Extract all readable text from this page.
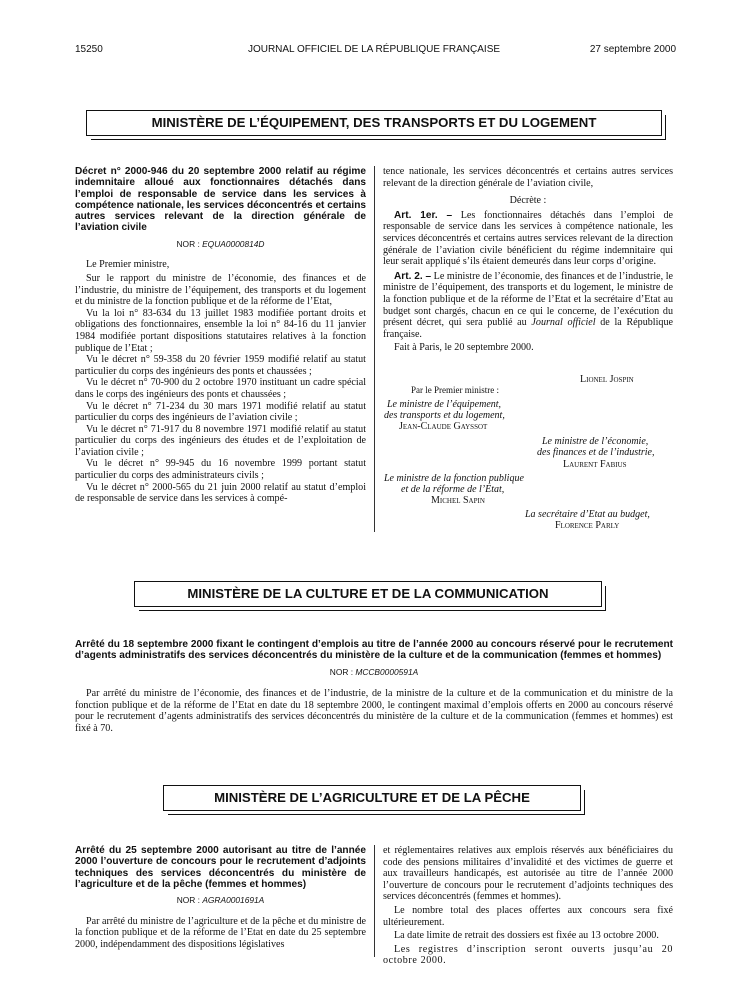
15250	JOURNAL OFFICIEL DE LA RÉPUBLIQUE FRANÇAISE	27 septembre 2000
MINISTÈRE DE L’ÉQUIPEMENT, DES TRANSPORTS ET DU LOGEMENT

Décret n° 2000-946 du 20 septembre 2000 relatif au régime indemnitaire alloué aux fonctionnaires détachés dans l’emploi de responsable de service dans les services à compétence nationale, les services déconcentrés et certains autres services relevant de la direction générale de l’aviation civile

NOR : EQUA0000814D

Le Premier ministre,

Sur le rapport du ministre de l’économie, des finances et de l’industrie, du ministre de l’équipement, des transports et du logement et du ministre de la fonction publique et de la réforme de l’Etat,

Vu la loi n° 83-634 du 13 juillet 1983 modifiée portant droits et obligations des fonctionnaires, ensemble la loi n° 84-16 du 11 janvier 1984 modifiée portant dispositions statutaires relatives à la fonction publique de l’Etat ;

Vu le décret n° 59-358 du 20 février 1959 modifié relatif au statut particulier du corps des ingénieurs des ponts et chaussées ;

Vu le décret n° 70-900 du 2 octobre 1970 instituant un cadre spécial dans le corps des ingénieurs des ponts et chaussées ;

Vu le décret n° 71-234 du 30 mars 1971 modifié relatif au statut particulier du corps des ingénieurs de l’aviation civile ;

Vu le décret n° 71-917 du 8 novembre 1971 modifié relatif au statut particulier du corps des ingénieurs des études et de l’exploitation de l’aviation civile ;

Vu le décret n° 99-945 du 16 novembre 1999 portant statut particulier du corps des administrateurs civils ;

Vu le décret n° 2000-565 du 21 juin 2000 relatif au statut d’emploi de responsable de service dans les services à compé-

tence nationale, les services déconcentrés et certains autres services relevant de la direction générale de l’aviation civile,

Décrète :

Art. 1er. – Les fonctionnaires détachés dans l’emploi de responsable de service dans les services à compétence nationale, les services déconcentrés et certains autres services relevant de la direction générale de l’aviation civile bénéficient du régime indemnitaire qui leur serait appliqué s’ils étaient demeurés dans leur corps d’origine.

Art. 2. – Le ministre de l’économie, des finances et de l’industrie, le ministre de l’équipement, des transports et du logement, le ministre de la fonction publique et de la réforme de l’Etat et la secrétaire d’Etat au budget sont chargés, chacun en ce qui le concerne, de l’exécution du présent décret, qui sera publié au Journal officiel de la République française.

Fait à Paris, le 20 septembre 2000.

Lionel Jospin
Par le Premier ministre :
Le ministre de l’équipement,
des transports et du logement,
Jean-Claude Gayssot
Le ministre de l’économie,
des finances et de l’industrie,
Laurent Fabius
Le ministre de la fonction publique
et de la réforme de l’Etat,
Michel Sapin
La secrétaire d’Etat au budget,
Florence Parly
MINISTÈRE DE LA CULTURE ET DE LA COMMUNICATION

Arrêté du 18 septembre 2000 fixant le contingent d’emplois au titre de l’année 2000 au concours réservé pour le recrutement d’agents administratifs des services déconcentrés du ministère de la culture et de la communication (femmes et hommes)

NOR : MCCB0000591A

Par arrêté du ministre de l’économie, des finances et de l’industrie, de la ministre de la culture et de la communication et du ministre de la fonction publique et de la réforme de l’Etat en date du 18 septembre 2000, le contingent maximal d’emplois offerts en 2000 au concours réservé pour le recrutement d’agents administratifs des services déconcentrés du ministère de la culture et de la communication (femmes et hommes) est fixé à 70.

MINISTÈRE DE L’AGRICULTURE ET DE LA PÊCHE

Arrêté du 25 septembre 2000 autorisant au titre de l’année 2000 l’ouverture de concours pour le recrutement d’adjoints techniques des services déconcentrés du ministère de l’agriculture et de la pêche (femmes et hommes)

NOR : AGRA0001691A

Par arrêté du ministre de l’agriculture et de la pêche et du ministre de la fonction publique et de la réforme de l’Etat en date du 25 septembre 2000, indépendamment des dispositions législatives

et réglementaires relatives aux emplois réservés aux bénéficiaires du code des pensions militaires d’invalidité et des victimes de guerre et aux travailleurs handicapés, est autorisée au titre de l’année 2000 l’ouverture de concours pour le recrutement d’adjoints techniques des services déconcentrés (femmes et hommes).

Le nombre total des places offertes aux concours sera fixé ultérieurement.

La date limite de retrait des dossiers est fixée au 13 octobre 2000.

Les registres d’inscription seront ouverts jusqu’au 20 octobre 2000.
